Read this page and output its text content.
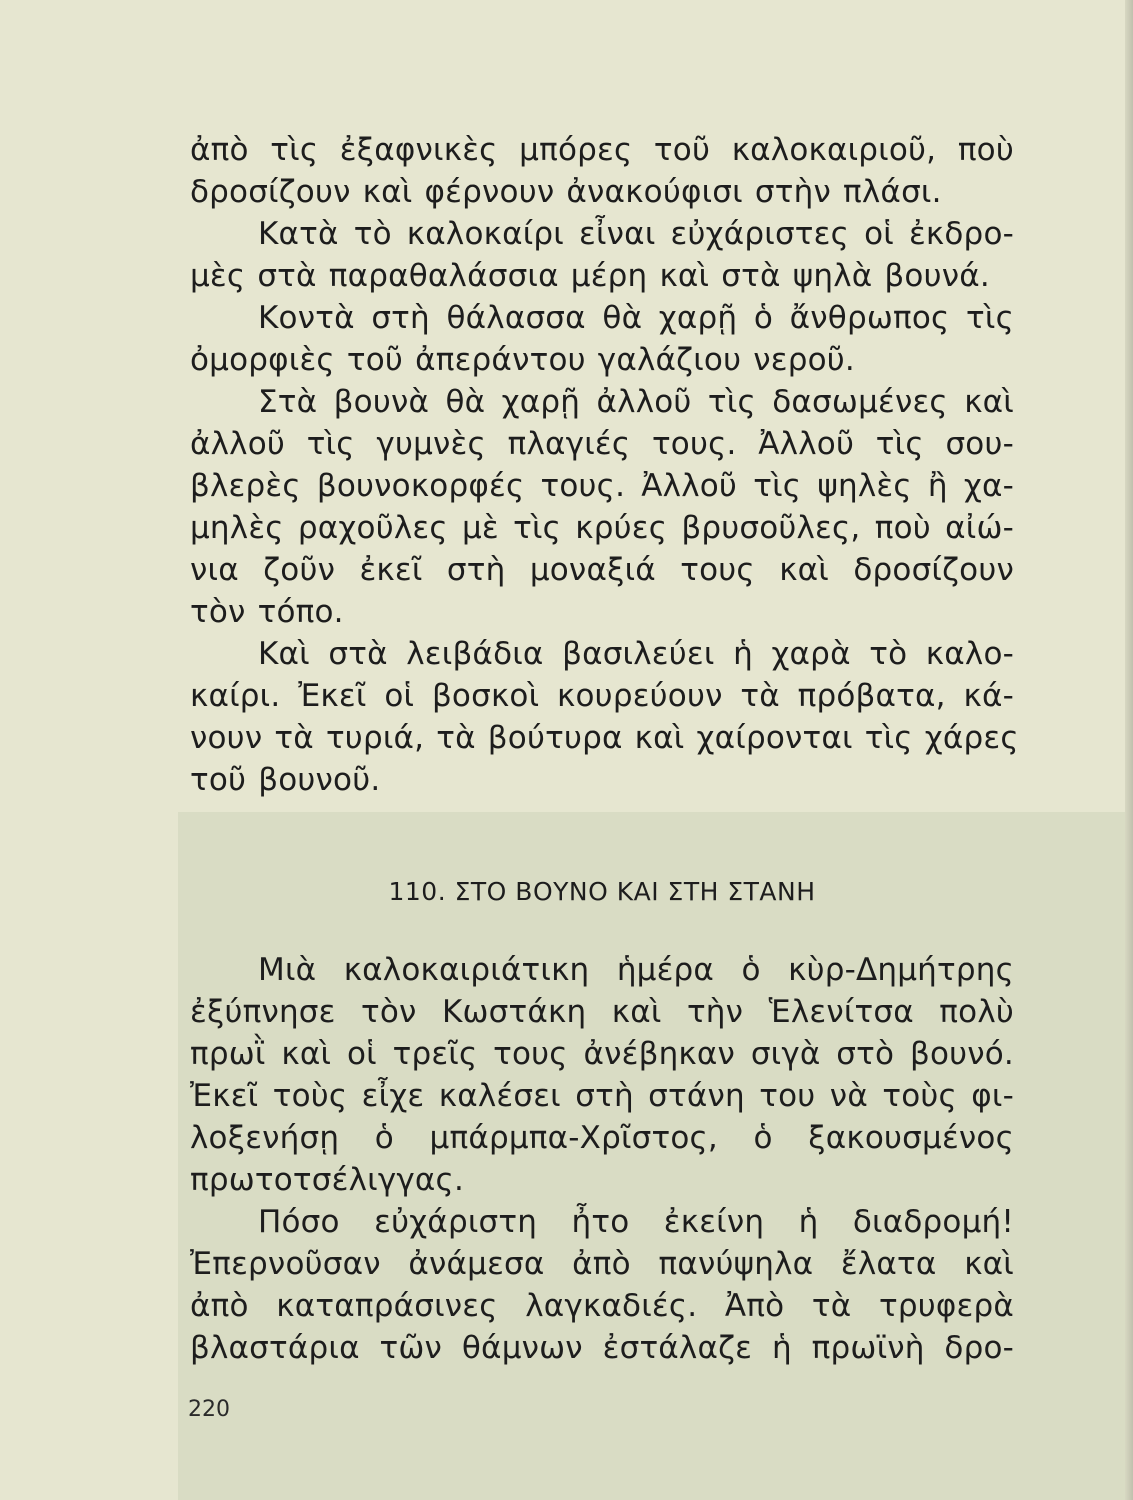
ἀπὸ τὶς ἐξαφνικὲς μπόρες τοῦ καλοκαιριοῦ, ποὺ
δροσίζουν καὶ φέρνουν ἀνακούφισι στὴν πλάσι.
Κατὰ τὸ καλοκαίρι εἶναι εὐχάριστες οἱ ἐκδρο-
μὲς στὰ παραθαλάσσια μέρη καὶ στὰ ψηλὰ βουνά.
Κοντὰ στὴ θάλασσα θὰ χαρῇ ὁ ἄνθρωπος τὶς
ὀμορφιὲς τοῦ ἀπεράντου γαλάζιου νεροῦ.
Στὰ βουνὰ θὰ χαρῇ ἀλλοῦ τὶς δασωμένες καὶ
ἀλλοῦ τὶς γυμνὲς πλαγιές τους. Ἀλλοῦ τὶς σου-
βλερὲς βουνοκορφές τους. Ἀλλοῦ τὶς ψηλὲς ἢ χα-
μηλὲς ραχοῦλες μὲ τὶς κρύες βρυσοῦλες, ποὺ αἰώ-
νια ζοῦν ἐκεῖ στὴ μοναξιά τους καὶ δροσίζουν
τὸν τόπο.
Καὶ στὰ λειβάδια βασιλεύει ἡ χαρὰ τὸ καλο-
καίρι. Ἐκεῖ οἱ βοσκοὶ κουρεύουν τὰ πρόβατα, κά-
νουν τὰ τυριά, τὰ βούτυρα καὶ χαίρονται τὶς χάρες
τοῦ βουνοῦ.
110. ΣΤΟ ΒΟΥΝΟ ΚΑΙ ΣΤΗ ΣΤΑΝΗ
Μιὰ καλοκαιριάτικη ἡμέρα ὁ κὺρ-Δημήτρης
ἐξύπνησε τὸν Κωστάκη καὶ τὴν Ἑλενίτσα πολὺ
πρωῒ καὶ οἱ τρεῖς τους ἀνέβηκαν σιγὰ στὸ βουνό.
Ἐκεῖ τοὺς εἶχε καλέσει στὴ στάνη του νὰ τοὺς φι-
λοξενήσῃ ὁ μπάρμπα-Χρῖστος, ὁ ξακουσμένος
πρωτοτσέλιγγας.
Πόσο εὐχάριστη ἦτο ἐκείνη ἡ διαδρομή!
Ἐπερνοῦσαν ἀνάμεσα ἀπὸ πανύψηλα ἔλατα καὶ
ἀπὸ καταπράσινες λαγκαδιές. Ἀπὸ τὰ τρυφερὰ
βλαστάρια τῶν θάμνων ἐστάλαζε ἡ πρωϊνὴ δρο-
220
